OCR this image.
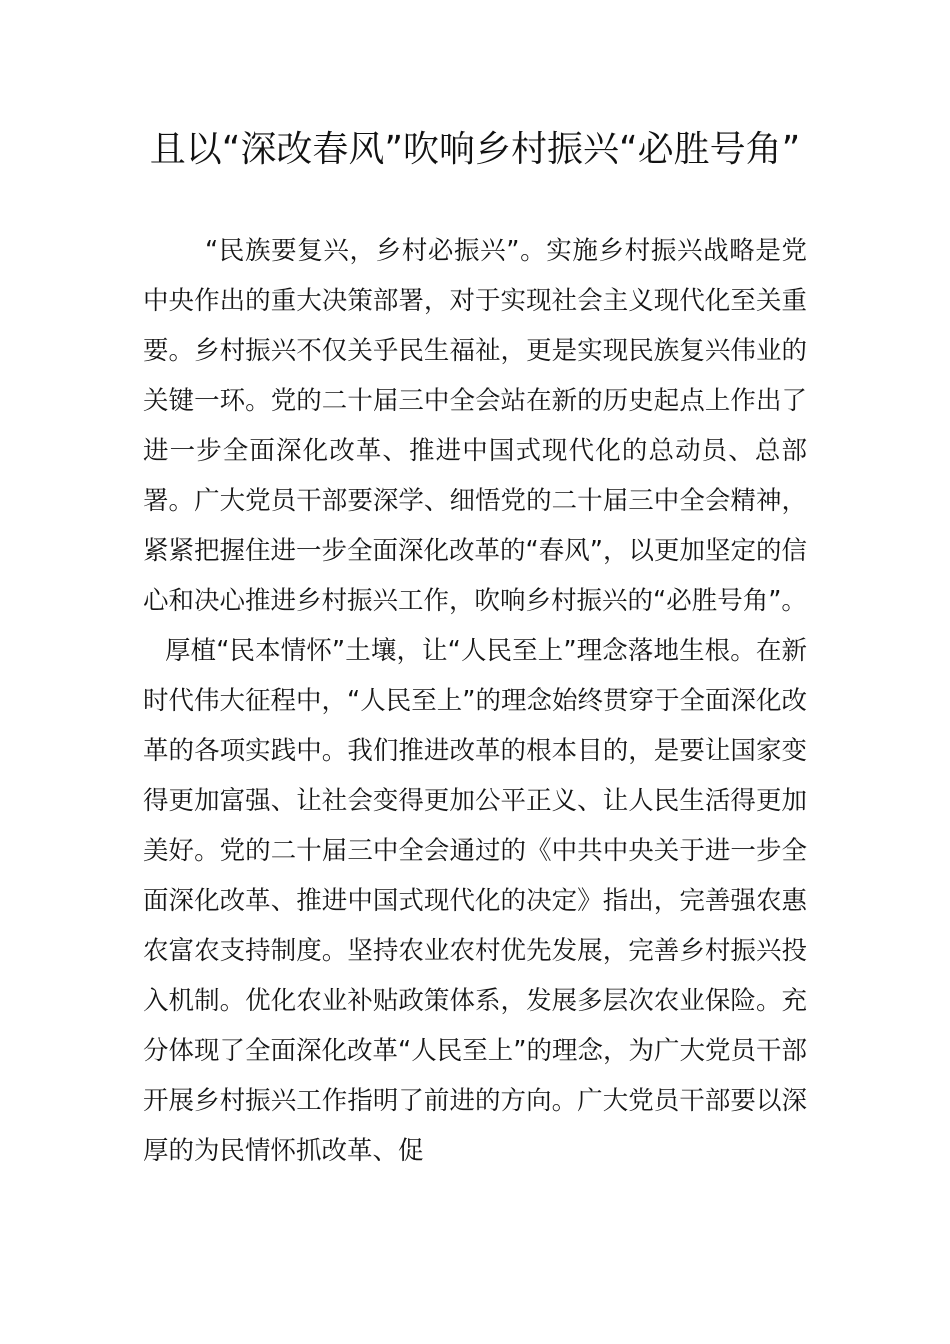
且以“深改春风”吹响乡村振兴“必胜号角”

“民族要复兴，乡村必振兴”。实施乡村振兴战略是党中央作出的重大决策部署，对于实现社会主义现代化至关重要。乡村振兴不仅关乎民生福祉，更是实现民族复兴伟业的关键一环。党的二十届三中全会站在新的历史起点上作出了进一步全面深化改革、推进中国式现代化的总动员、总部署。广大党员干部要深学、细悟党的二十届三中全会精神，紧紧把握住进一步全面深化改革的“春风”，以更加坚定的信心和决心推进乡村振兴工作，吹响乡村振兴的“必胜号角”。

厚植“民本情怀”土壤，让“人民至上”理念落地生根。在新时代伟大征程中，“人民至上”的理念始终贯穿于全面深化改革的各项实践中。我们推进改革的根本目的，是要让国家变得更加富强、让社会变得更加公平正义、让人民生活得更加美好。党的二十届三中全会通过的《中共中央关于进一步全面深化改革、推进中国式现代化的决定》指出，完善强农惠农富农支持制度。坚持农业农村优先发展，完善乡村振兴投入机制。优化农业补贴政策体系，发展多层次农业保险。充分体现了全面深化改革“人民至上”的理念，为广大党员干部开展乡村振兴工作指明了前进的方向。广大党员干部要以深厚的为民情怀抓改革、促
